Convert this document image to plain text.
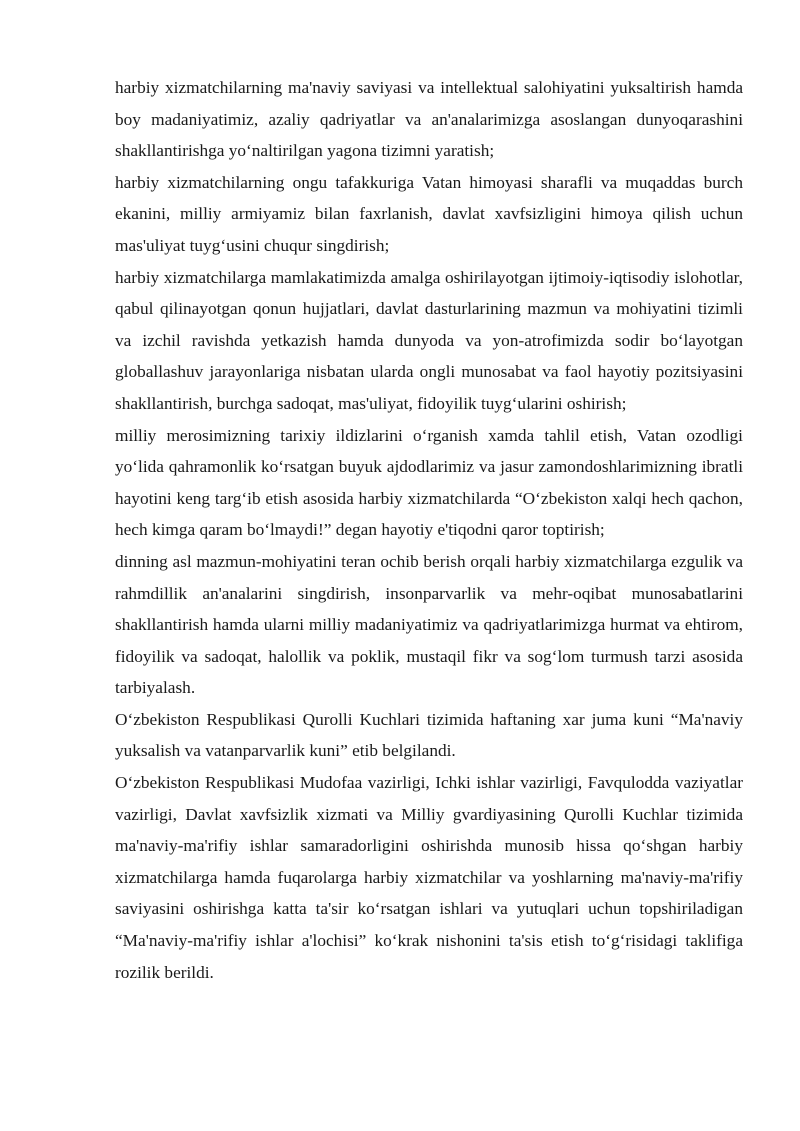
harbiy xizmatchilarning ma'naviy saviyasi va intellektual salohiyatini yuksaltirish hamda boy madaniyatimiz, azaliy qadriyatlar va an'analarimizga asoslangan dunyoqarashini shakllantirishga yo‘naltirilgan yagona tizimni yaratish;

harbiy xizmatchilarning ongu tafakkuriga Vatan himoyasi sharafli va muqaddas burch ekanini, milliy armiyamiz bilan faxrlanish, davlat xavfsizligini himoya qilish uchun mas'uliyat tuyg‘usini chuqur singdirish;

harbiy xizmatchilarga mamlakatimizda amalga oshirilayotgan ijtimoiy-iqtisodiy islohotlar, qabul qilinayotgan qonun hujjatlari, davlat dasturlarining mazmun va mohiyatini tizimli va izchil ravishda yetkazish hamda dunyoda va yon-atrofimizda sodir bo‘layotgan globallashuv jarayonlariga nisbatan ularda ongli munosabat va faol hayotiy pozitsiyasini shakllantirish, burchga sadoqat, mas'uliyat, fidoyilik tuyg‘ularini oshirish;

milliy merosimizning tarixiy ildizlarini o‘rganish xamda tahlil etish, Vatan ozodligi yo‘lida qahramonlik ko‘rsatgan buyuk ajdodlarimiz va jasur zamondoshlarimizning ibratli hayotini keng targ‘ib etish asosida harbiy xizmatchilarda “O‘zbekiston xalqi hech qachon, hech kimga qaram bo‘lmaydi!” degan hayotiy e'tiqodni qaror toptirish;

dinning asl mazmun-mohiyatini teran ochib berish orqali harbiy xizmatchilarga ezgulik va rahmdillik an'analarini singdirish, insonparvarlik va mehr-oqibat munosabatlarini shakllantirish hamda ularni milliy madaniyatimiz va qadriyatlarimizga hurmat va ehtirom, fidoyilik va sadoqat, halollik va poklik, mustaqil fikr va sog‘lom turmush tarzi asosida tarbiyalash.

O‘zbekiston Respublikasi Qurolli Kuchlari tizimida haftaning xar juma kuni “Ma'naviy yuksalish va vatanparvarlik kuni” etib belgilandi.

O‘zbekiston Respublikasi Mudofaa vazirligi, Ichki ishlar vazirligi, Favqulodda vaziyatlar vazirligi, Davlat xavfsizlik xizmati va Milliy gvardiyasining Qurolli Kuchlar tizimida ma'naviy-ma'rifiy ishlar samaradorligini oshirishda munosib hissa qo‘shgan harbiy xizmatchilarga hamda fuqarolarga harbiy xizmatchilar va yoshlarning ma'naviy-ma'rifiy saviyasini oshirishga katta ta'sir ko‘rsatgan ishlari va yutuqlari uchun topshiriladigan “Ma'naviy-ma'rifiy ishlar a'lochisi” ko‘krak nishonini ta'sis etish to‘g‘risidagi taklifiga rozilik berildi.
